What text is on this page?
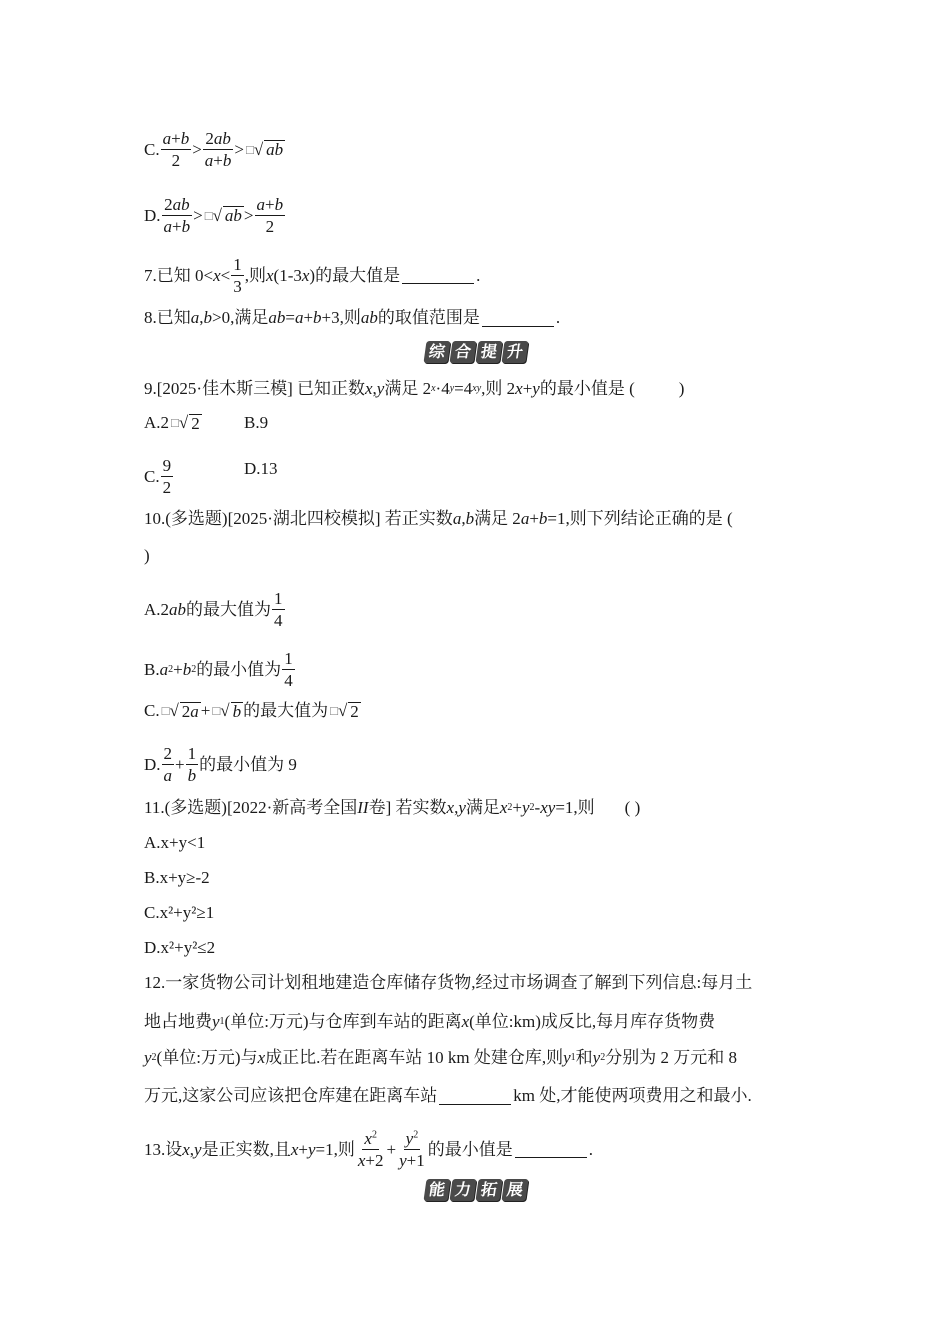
C. $\frac{a+b}{2} > \frac{2ab}{a+b}$ > □ √ ab
D. $\frac{2ab}{a+b}$ > □ √ ab > $\frac{a+b}{2}$
7.已知 $0< x < \frac{1}{3}$ ,则 x (1-3 x )的最大值是	.
8.已知 a , b >0,满足 ab = a + b +3,则 ab 的取值范围是	.
综 合 提 升
9.[2025·佳木斯三模] 已知正数 x , y 满足 2 x ·4 y =4 xy ,则 2 x + y 的最小值是 (	)
A.2 □ √ 2	B.9
C. $\frac{9}{2}$	D.13
10.(多选题)[2025·湖北四校模拟] 若正实数 a , b 满足 2 a + b =1,则下列结论正确的是 (
)
A.2 ab 的最大值为 $\frac{1}{4}$
B. a 2 + b 2 的最小值为 $\frac{1}{4}$
C. □ √ 2a + □ √ b 的最大值为 □ √ 2
D. $\frac{2}{a} + \frac{1}{b}$ 的最小值为 9
11.(多选题)[2022·新高考全国 II 卷] 若实数 x , y 满足 x 2 + y 2 - xy =1,则 ( )
A.x+y<1
B.x+y≥-2
C.x²+y²≥1
D.x²+y²≤2
12.一家货物公司计划租地建造仓库储存货物,经过市场调查了解到下列信息:每月土
地占地费 y 1 (单位:万元)与仓库到车站的距离 x (单位:km)成反比,每月库存货物费
y 2 (单位:万元)与 x 成正比.若在距离车站 10 km 处建仓库,则 y 1 和 y 2 分别为 2 万元和 8
万元,这家公司应该把仓库建在距离车站	km 处,才能使两项费用之和最小.
13.设 x , y 是正实数,且 x + y =1,则 $\frac{x^2}{x+2} + \frac{y^2}{y+1}$ 的最小值是	.
能 力 拓 展
